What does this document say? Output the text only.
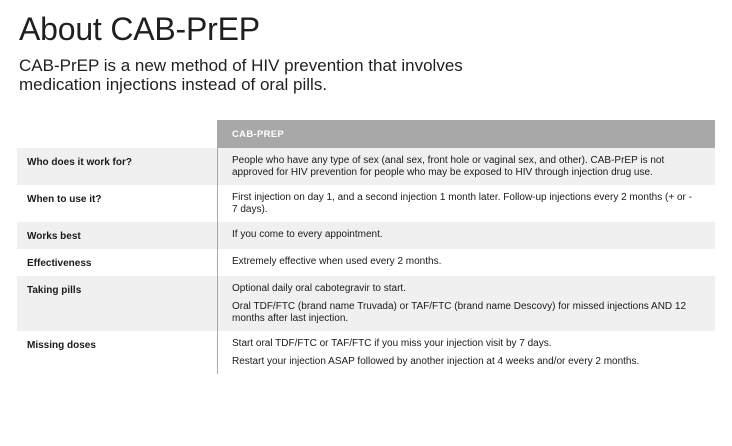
About CAB-PrEP

CAB-PrEP is a new method of HIV prevention that involves medication injections instead of oral pills.

CAB-PREP
Who does it work for?	People who have any type of sex (anal sex, front hole or vaginal sex, and other). CAB-PrEP is not approved for HIV prevention for people who may be exposed to HIV through injection drug use.

When to use it?	First injection on day 1, and a second injection 1 month later. Follow-up injections every 2 months (+ or - 7 days).

Works best	If you come to every appointment.

Effectiveness	Extremely effective when used every 2 months.

Taking pills	Optional daily oral cabotegravir to start.

Oral TDF/FTC (brand name Truvada) or TAF/FTC (brand name Descovy) for missed injections AND 12 months after last injection.

Missing doses	Start oral TDF/FTC or TAF/FTC if you miss your injection visit by 7 days.

Restart your injection ASAP followed by another injection at 4 weeks and/or every 2 months.
